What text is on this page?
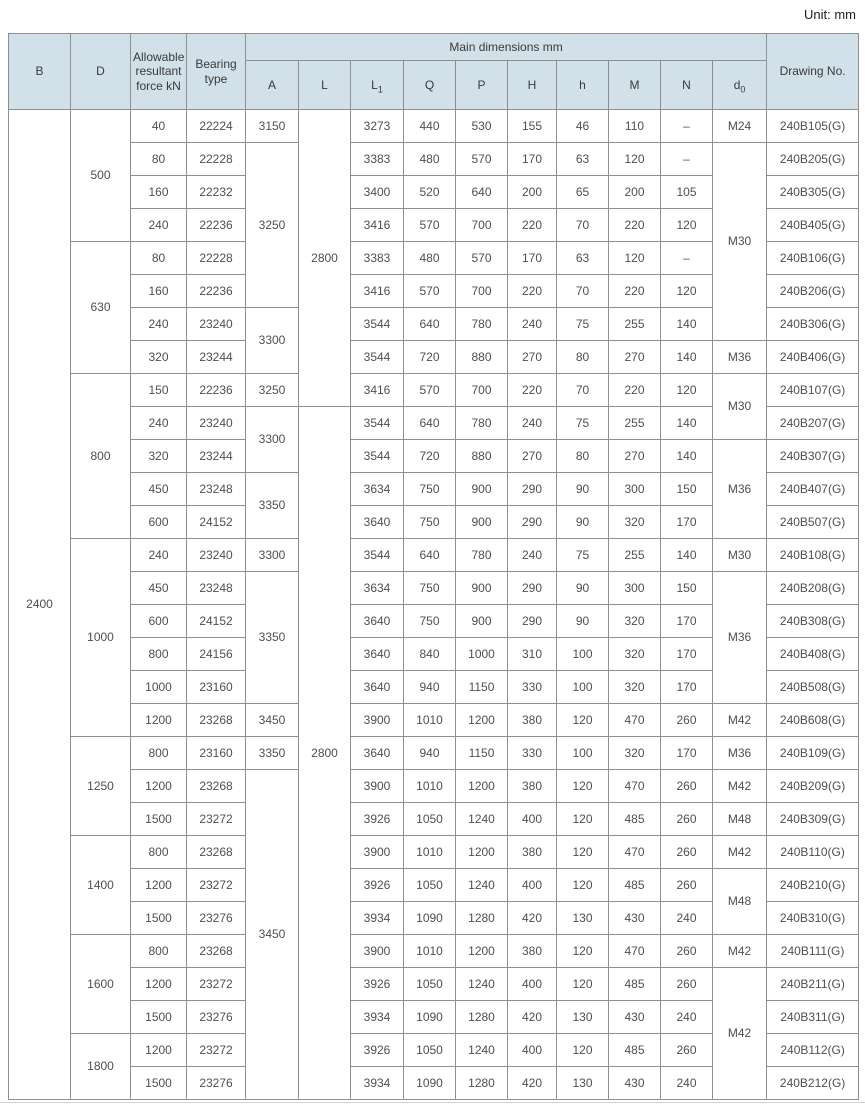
Unit: mm
B	D	Allowable resultant force kN	Bearing type	Main dimensions mm										Drawing No.
				A	L	$L_1$	Q	P	H	h	M	N	$d_0$
2400	500	40	22224	3150	2800	3273	440	530	155	46	110	–	M24	240B105(G)
		80	22228	3250		3383	480	570	170	63	120	–	M30	240B205(G)
		160	22232			3400	520	640	200	65	200	105		240B305(G)
		240	22236			3416	570	700	220	70	220	120		240B405(G)
	630	80	22228			3383	480	570	170	63	120	–		240B106(G)
		160	22236			3416	570	700	220	70	220	120		240B206(G)
		240	23240	3300		3544	640	780	240	75	255	140		240B306(G)
		320	23244			3544	720	880	270	80	270	140	M36	240B406(G)
	800	150	22236	3250		3416	570	700	220	70	220	120	M30	240B107(G)
		240	23240	3300	2800	3544	640	780	240	75	255	140		240B207(G)
		320	23244			3544	720	880	270	80	270	140	M36	240B307(G)
		450	23248	3350		3634	750	900	290	90	300	150		240B407(G)
		600	24152			3640	750	900	290	90	320	170		240B507(G)
	1000	240	23240	3300		3544	640	780	240	75	255	140	M30	240B108(G)
		450	23248	3350		3634	750	900	290	90	300	150	M36	240B208(G)
		600	24152			3640	750	900	290	90	320	170		240B308(G)
		800	24156			3640	840	1000	310	100	320	170		240B408(G)
		1000	23160			3640	940	1150	330	100	320	170		240B508(G)
		1200	23268	3450		3900	1010	1200	380	120	470	260	M42	240B608(G)
	1250	800	23160	3350		3640	940	1150	330	100	320	170	M36	240B109(G)
		1200	23268	3450		3900	1010	1200	380	120	470	260	M42	240B209(G)
		1500	23272			3926	1050	1240	400	120	485	260	M48	240B309(G)
	1400	800	23268			3900	1010	1200	380	120	470	260	M42	240B110(G)
		1200	23272			3926	1050	1240	400	120	485	260	M48	240B210(G)
		1500	23276			3934	1090	1280	420	130	430	240		240B310(G)
	1600	800	23268			3900	1010	1200	380	120	470	260	M42	240B111(G)
		1200	23272			3926	1050	1240	400	120	485	260	M42	240B211(G)
		1500	23276			3934	1090	1280	420	130	430	240		240B311(G)
	1800	1200	23272			3926	1050	1240	400	120	485	260		240B112(G)
		1500	23276			3934	1090	1280	420	130	430	240		240B212(G)
